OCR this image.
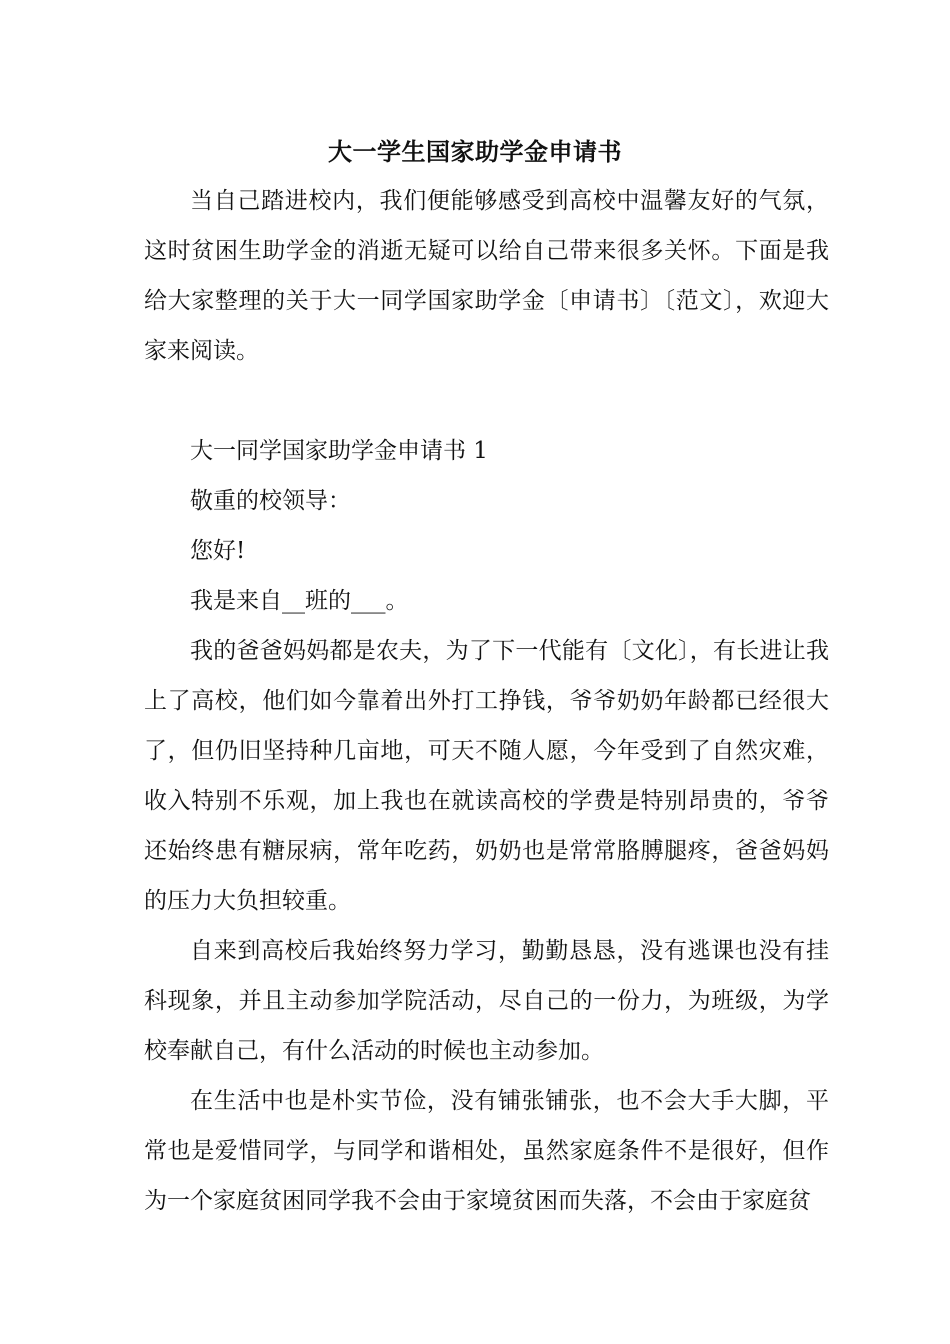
大一学生国家助学金申请书

当自己踏进校内，我们便能够感受到高校中温馨友好的气氛，这时贫困生助学金的消逝无疑可以给自己带来很多关怀。下面是我给大家整理的关于大一同学国家助学金〔申请书〕〔范文〕，欢迎大家来阅读。

大一同学国家助学金申请书 1

敬重的校领导：

您好!

我是来自__班的___。

我的爸爸妈妈都是农夫，为了下一代能有〔文化〕，有长进让我上了高校，他们如今靠着出外打工挣钱，爷爷奶奶年龄都已经很大了，但仍旧坚持种几亩地，可天不随人愿，今年受到了自然灾难，收入特别不乐观，加上我也在就读高校的学费是特别昂贵的，爷爷还始终患有糖尿病，常年吃药，奶奶也是常常胳膊腿疼，爸爸妈妈的压力大负担较重。

自来到高校后我始终努力学习，勤勤恳恳，没有逃课也没有挂科现象，并且主动参加学院活动，尽自己的一份力，为班级，为学校奉献自己，有什么活动的时候也主动参加。

在生活中也是朴实节俭，没有铺张铺张，也不会大手大脚，平常也是爱惜同学，与同学和谐相处，虽然家庭条件不是很好，但作为一个家庭贫困同学我不会由于家境贫困而失落，不会由于家庭贫
